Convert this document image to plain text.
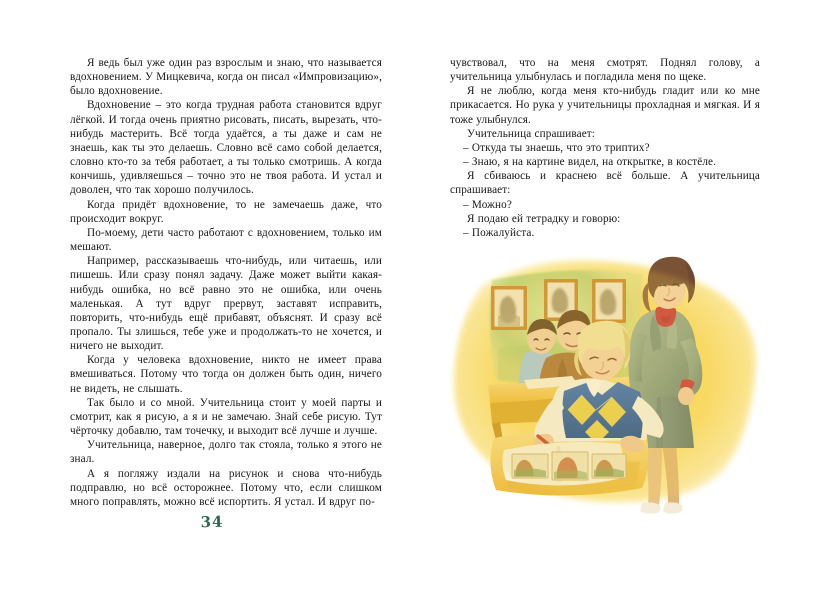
Я ведь был уже один раз взрослым и знаю, что называется вдохновением. У Мицкевича, когда он писал «Импровизацию», было вдохновение.

Вдохновение – это когда трудная работа становится вдруг лёгкой. И тогда очень приятно рисовать, писать, вырезать, что-нибудь мастерить. Всё тогда удаётся, а ты даже и сам не знаешь, как ты это делаешь. Словно всё само собой делается, словно кто-то за тебя работает, а ты только смотришь. А когда кончишь, удивляешься – точно это не твоя работа. И устал и доволен, что так хорошо получилось.

Когда придёт вдохновение, то не замечаешь даже, что происходит вокруг.

По-моему, дети часто работают с вдохновением, только им мешают.

Например, рассказываешь что-нибудь, или читаешь, или пишешь. Или сразу понял задачу. Даже может выйти какая-нибудь ошибка, но всё равно это не ошибка, или очень маленькая. А тут вдруг прервут, заставят исправить, повторить, что-нибудь ещё прибавят, объяснят. И сразу всё пропало. Ты злишься, тебе уже и продолжать-то не хочется, и ничего не выходит.

Когда у человека вдохновение, никто не имеет права вмешиваться. Потому что тогда он должен быть один, ничего не видеть, не слышать.

Так было и со мной. Учительница стоит у моей парты и смотрит, как я рисую, а я и не замечаю. Знай себе рисую. Тут чёрточку добавлю, там точечку, и выходит всё лучше и лучше.

Учительница, наверное, долго так стояла, только я этого не знал.

А я погляжу издали на рисунок и снова что-нибудь подправлю, но всё осторожнее. Потому что, если слишком много поправлять, можно всё испортить. Я устал. И вдруг по-

чувствовал, что на меня смотрят. Поднял голову, а учительница улыбнулась и погладила меня по щеке.

Я не люблю, когда меня кто-нибудь гладит или ко мне прикасается. Но рука у учительницы прохладная и мягкая. И я тоже улыбнулся.

Учительница спрашивает:

– Откуда ты знаешь, что это триптих?

– Знаю, я на картине видел, на открытке, в костёле.

Я сбиваюсь и краснею всё больше. А учительница спрашивает:

– Можно?

Я подаю ей тетрадку и говорю:

– Пожалуйста.

34
